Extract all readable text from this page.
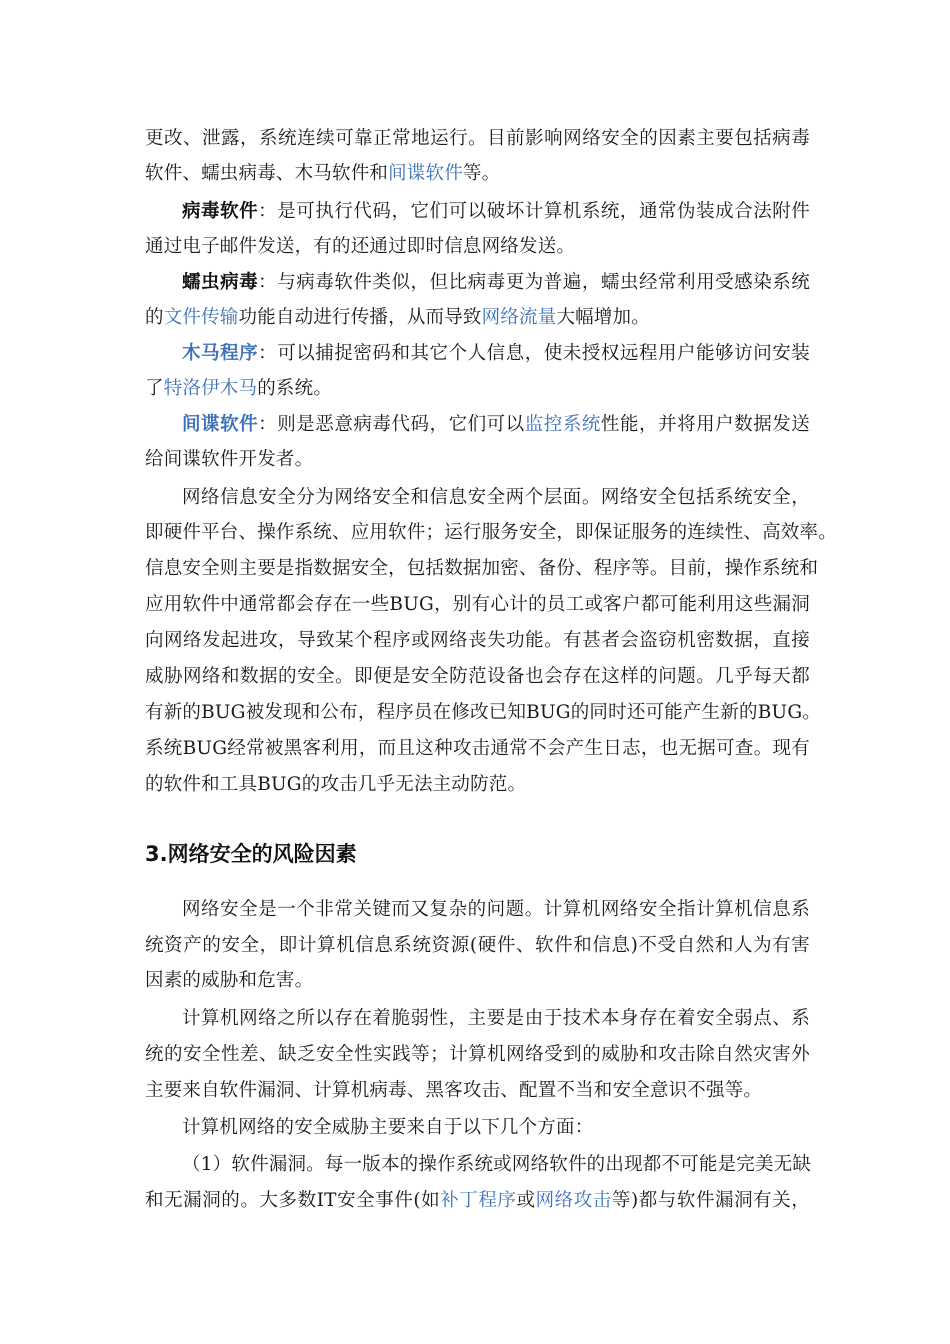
更改、泄露，系统连续可靠正常地运行。目前影响网络安全的因素主要包括病毒
软件、蠕虫病毒、木马软件和间谍软件等。
病毒软件：是可执行代码，它们可以破坏计算机系统，通常伪装成合法附件
通过电子邮件发送，有的还通过即时信息网络发送。
蠕虫病毒：与病毒软件类似，但比病毒更为普遍，蠕虫经常利用受感染系统
的文件传输功能自动进行传播，从而导致网络流量大幅增加。
木马程序：可以捕捉密码和其它个人信息，使未授权远程用户能够访问安装
了特洛伊木马的系统。
间谍软件：则是恶意病毒代码，它们可以监控系统性能，并将用户数据发送
给间谍软件开发者。
网络信息安全分为网络安全和信息安全两个层面。网络安全包括系统安全，
即硬件平台、操作系统、应用软件；运行服务安全，即保证服务的连续性、高效率。
信息安全则主要是指数据安全，包括数据加密、备份、程序等。目前，操作系统和
应用软件中通常都会存在一些BUG，别有心计的员工或客户都可能利用这些漏洞
向网络发起进攻，导致某个程序或网络丧失功能。有甚者会盗窃机密数据，直接
威胁网络和数据的安全。即便是安全防范设备也会存在这样的问题。几乎每天都
有新的BUG被发现和公布，程序员在修改已知BUG的同时还可能产生新的BUG。
系统BUG经常被黑客利用，而且这种攻击通常不会产生日志，也无据可查。现有
的软件和工具BUG的攻击几乎无法主动防范。
3.网络安全的风险因素
网络安全是一个非常关键而又复杂的问题。计算机网络安全指计算机信息系
统资产的安全，即计算机信息系统资源(硬件、软件和信息)不受自然和人为有害
因素的威胁和危害。
计算机网络之所以存在着脆弱性，主要是由于技术本身存在着安全弱点、系
统的安全性差、缺乏安全性实践等；计算机网络受到的威胁和攻击除自然灾害外
主要来自软件漏洞、计算机病毒、黑客攻击、配置不当和安全意识不强等。
计算机网络的安全威胁主要来自于以下几个方面：
（1）软件漏洞。每一版本的操作系统或网络软件的出现都不可能是完美无缺
和无漏洞的。大多数IT安全事件(如补丁程序或网络攻击等)都与软件漏洞有关，
